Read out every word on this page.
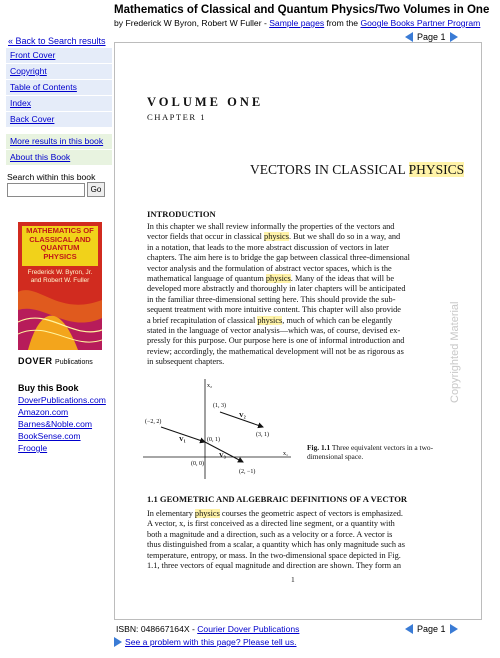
Mathematics of Classical and Quantum Physics/Two Volumes in One
by Frederick W Byron, Robert W Fuller - Sample pages from the Google Books Partner Program
Page 1
« Back to Search results
Front Cover
Copyright
Table of Contents
Index
Back Cover
More results in this book
About this Book
Search within this book
Go
MATHEMATICS OF CLASSICAL AND QUANTUM PHYSICS
Frederick W. Byron, Jr. and Robert W. Fuller
DOVER Publications
Buy this Book
DoverPublications.com
Amazon.com
Barnes&Noble.com
BookSense.com
Froogle
VOLUME ONE
CHAPTER 1
VECTORS IN CLASSICAL PHYSICS
INTRODUCTION
In this chapter we shall review informally the properties of the vectors and
vector fields that occur in classical physics. But we shall do so in a way, and
in a notation, that leads to the more abstract discussion of vectors in later
chapters. The aim here is to bridge the gap between classical three-dimensional
vector analysis and the formulation of abstract vector spaces, which is the
mathematical language of quantum physics. Many of the ideas that will be
developed more abstractly and thoroughly in later chapters will be anticipated
in the familiar three-dimensional setting here. This should provide the sub-
sequent treatment with more intuitive content. This chapter will also provide
a brief recapitulation of classical physics, much of which can be elegantly
stated in the language of vector analysis—which was, of course, devised ex-
pressly for this purpose. Our purpose here is one of informal introduction and
review; accordingly, the mathematical development will not be as rigorous as
in subsequent chapters.
x₂
x₁
(1, 3)
(−2, 2)
(3, 1)
(0, 1)
(0, 0)
(2, −1)
V₁
V₂
V₃
Fig. 1.1 Three equivalent vectors in a two-dimensional space.
1.1 GEOMETRIC AND ALGEBRAIC DEFINITIONS OF A VECTOR
In elementary physics courses the geometric aspect of vectors is emphasized.
A vector, x, is first conceived as a directed line segment, or a quantity with
both a magnitude and a direction, such as a velocity or a force. A vector is
thus distinguished from a scalar, a quantity which has only magnitude such as
temperature, entropy, or mass. In the two-dimensional space depicted in Fig.
1.1, three vectors of equal magnitude and direction are shown. They form an
1
Copyrighted Material
ISBN: 048667164X - Courier Dover Publications	Page 1
See a problem with this page? Please tell us.
